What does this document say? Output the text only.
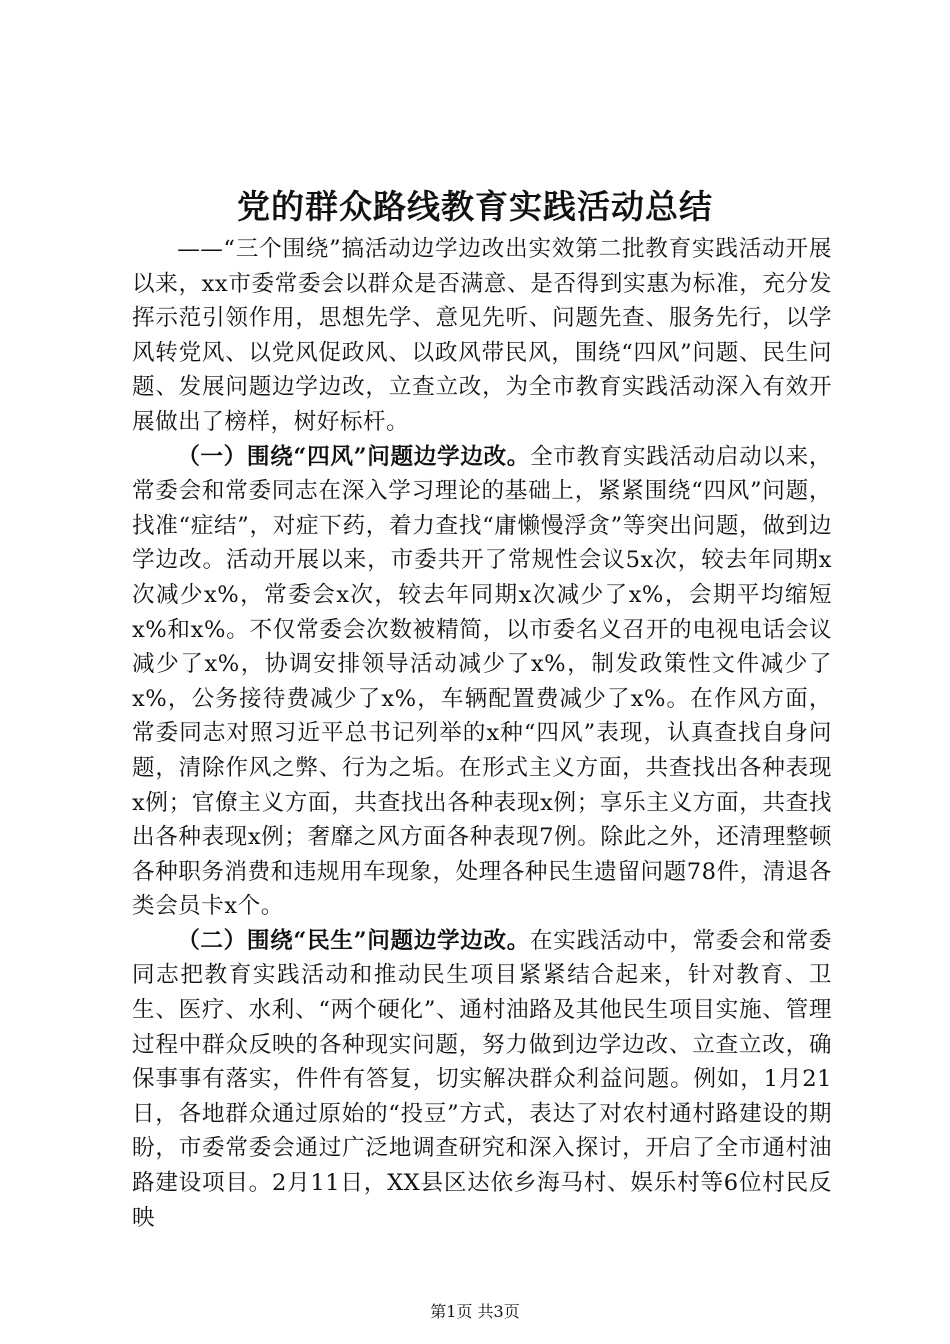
党的群众路线教育实践活动总结

——“三个围绕”搞活动边学边改出实效第二批教育实践活动开展以来，xx市委常委会以群众是否满意、是否得到实惠为标准，充分发挥示范引领作用，思想先学、意见先听、问题先查、服务先行，以学风转党风、以党风促政风、以政风带民风，围绕“四风”问题、民生问题、发展问题边学边改，立查立改，为全市教育实践活动深入有效开展做出了榜样，树好标杆。

（一）围绕“四风”问题边学边改。全市教育实践活动启动以来，常委会和常委同志在深入学习理论的基础上，紧紧围绕“四风”问题，找准“症结”，对症下药，着力查找“庸懒慢浮贪”等突出问题，做到边学边改。活动开展以来，市委共开了常规性会议5x次，较去年同期x次减少x%，常委会x次，较去年同期x次减少了x%，会期平均缩短x%和x%。不仅常委会次数被精简，以市委名义召开的电视电话会议减少了x%，协调安排领导活动减少了x%，制发政策性文件减少了x%，公务接待费减少了x%，车辆配置费减少了x%。在作风方面，常委同志对照习近平总书记列举的x种“四风”表现，认真查找自身问题，清除作风之弊、行为之垢。在形式主义方面，共查找出各种表现x例；官僚主义方面，共查找出各种表现x例；享乐主义方面，共查找出各种表现x例；奢靡之风方面各种表现7例。除此之外，还清理整顿各种职务消费和违规用车现象，处理各种民生遗留问题78件，清退各类会员卡x个。

（二）围绕“民生”问题边学边改。在实践活动中，常委会和常委同志把教育实践活动和推动民生项目紧紧结合起来，针对教育、卫生、医疗、水利、“两个硬化”、通村油路及其他民生项目实施、管理过程中群众反映的各种现实问题，努力做到边学边改、立查立改，确保事事有落实，件件有答复，切实解决群众利益问题。例如，1月21日，各地群众通过原始的“投豆”方式，表达了对农村通村路建设的期盼，市委常委会通过广泛地调查研究和深入探讨，开启了全市通村油路建设项目。2月11日，XX县区达依乡海马村、娱乐村等6位村民反映

第1页 共3页
